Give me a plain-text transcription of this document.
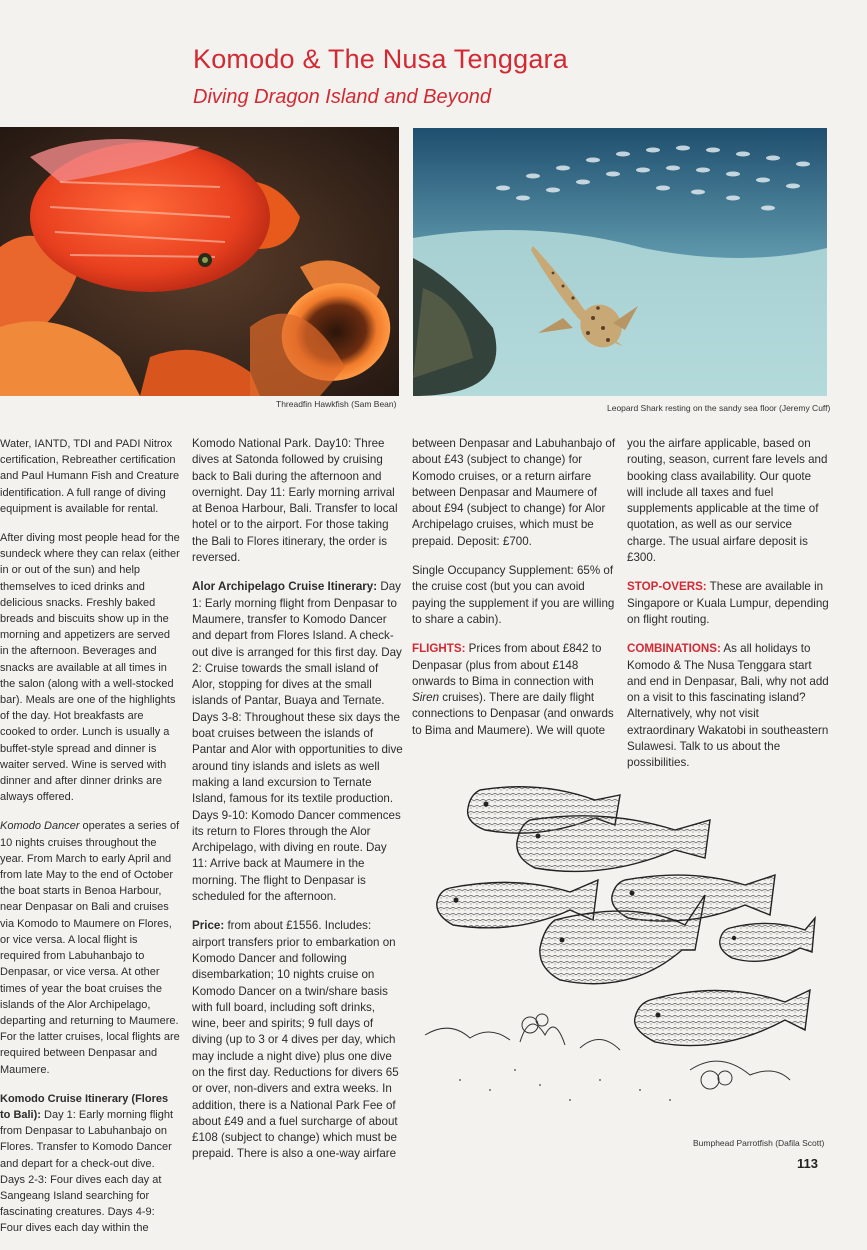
Komodo & The Nusa Tenggara
Diving Dragon Island and Beyond
Threadfin Hawkfish (Sam Bean)	Leopard Shark resting on the sandy sea floor (Jeremy Cuff)

Water, IANTD, TDI and PADI Nitrox certification, Rebreather certification and Paul Humann Fish and Creature identification. A full range of diving equipment is available for rental.

After diving most people head for the sundeck where they can relax (either in or out of the sun) and help themselves to iced drinks and delicious snacks. Freshly baked breads and biscuits show up in the morning and appetizers are served in the afternoon. Beverages and snacks are available at all times in the salon (along with a well-stocked bar). Meals are one of the highlights of the day. Hot breakfasts are cooked to order. Lunch is usually a buffet-style spread and dinner is waiter served. Wine is served with dinner and after dinner drinks are always offered.

Komodo Dancer operates a series of 10 nights cruises throughout the year. From March to early April and from late May to the end of October the boat starts in Benoa Harbour, near Denpasar on Bali and cruises via Komodo to Maumere on Flores, or vice versa. A local flight is required from Labuhanbajo to Denpasar, or vice versa. At other times of year the boat cruises the islands of the Alor Archipelago, departing and returning to Maumere. For the latter cruises, local flights are required between Denpasar and Maumere.

Komodo Cruise Itinerary (Flores to Bali): Day 1: Early morning flight from Denpasar to Labuhanbajo on Flores. Transfer to Komodo Dancer and depart for a check-out dive. Days 2-3: Four dives each day at Sangeang Island searching for fascinating creatures. Days 4-9: Four dives each day within the

Komodo National Park. Day10: Three dives at Satonda followed by cruising back to Bali during the afternoon and overnight. Day 11: Early morning arrival at Benoa Harbour, Bali. Transfer to local hotel or to the airport. For those taking the Bali to Flores itinerary, the order is reversed.

Alor Archipelago Cruise Itinerary: Day 1: Early morning flight from Denpasar to Maumere, transfer to Komodo Dancer and depart from Flores Island. A check-out dive is arranged for this first day. Day 2: Cruise towards the small island of Alor, stopping for dives at the small islands of Pantar, Buaya and Ternate. Days 3-8: Throughout these six days the boat cruises between the islands of Pantar and Alor with opportunities to dive around tiny islands and islets as well making a land excursion to Ternate Island, famous for its textile production. Days 9-10: Komodo Dancer commences its return to Flores through the Alor Archipelago, with diving en route. Day 11: Arrive back at Maumere in the morning. The flight to Denpasar is scheduled for the afternoon.

Price: from about £1556. Includes: airport transfers prior to embarkation on Komodo Dancer and following disembarkation; 10 nights cruise on Komodo Dancer on a twin/share basis with full board, including soft drinks, wine, beer and spirits; 9 full days of diving (up to 3 or 4 dives per day, which may include a night dive) plus one dive on the first day. Reductions for divers 65 or over, non-divers and extra weeks. In addition, there is a National Park Fee of about £49 and a fuel surcharge of about £108 (subject to change) which must be prepaid. There is also a one-way airfare

between Denpasar and Labuhanbajo of about £43 (subject to change) for Komodo cruises, or a return airfare between Denpasar and Maumere of about £94 (subject to change) for Alor Archipelago cruises, which must be prepaid. Deposit: £700.

Single Occupancy Supplement: 65% of the cruise cost (but you can avoid paying the supplement if you are willing to share a cabin).

FLIGHTS: Prices from about £842 to Denpasar (plus from about £148 onwards to Bima in connection with Siren cruises). There are daily flight connections to Denpasar (and onwards to Bima and Maumere). We will quote

you the airfare applicable, based on routing, season, current fare levels and booking class availability. Our quote will include all taxes and fuel supplements applicable at the time of quotation, as well as our service charge. The usual airfare deposit is £300.

STOP-OVERS: These are available in Singapore or Kuala Lumpur, depending on flight routing.

COMBINATIONS: As all holidays to Komodo & The Nusa Tenggara start and end in Denpasar, Bali, why not add on a visit to this fascinating island? Alternatively, why not visit extraordinary Wakatobi in southeastern Sulawesi. Talk to us about the possibilities.

Bumphead Parrotfish (Dafila Scott)
113
